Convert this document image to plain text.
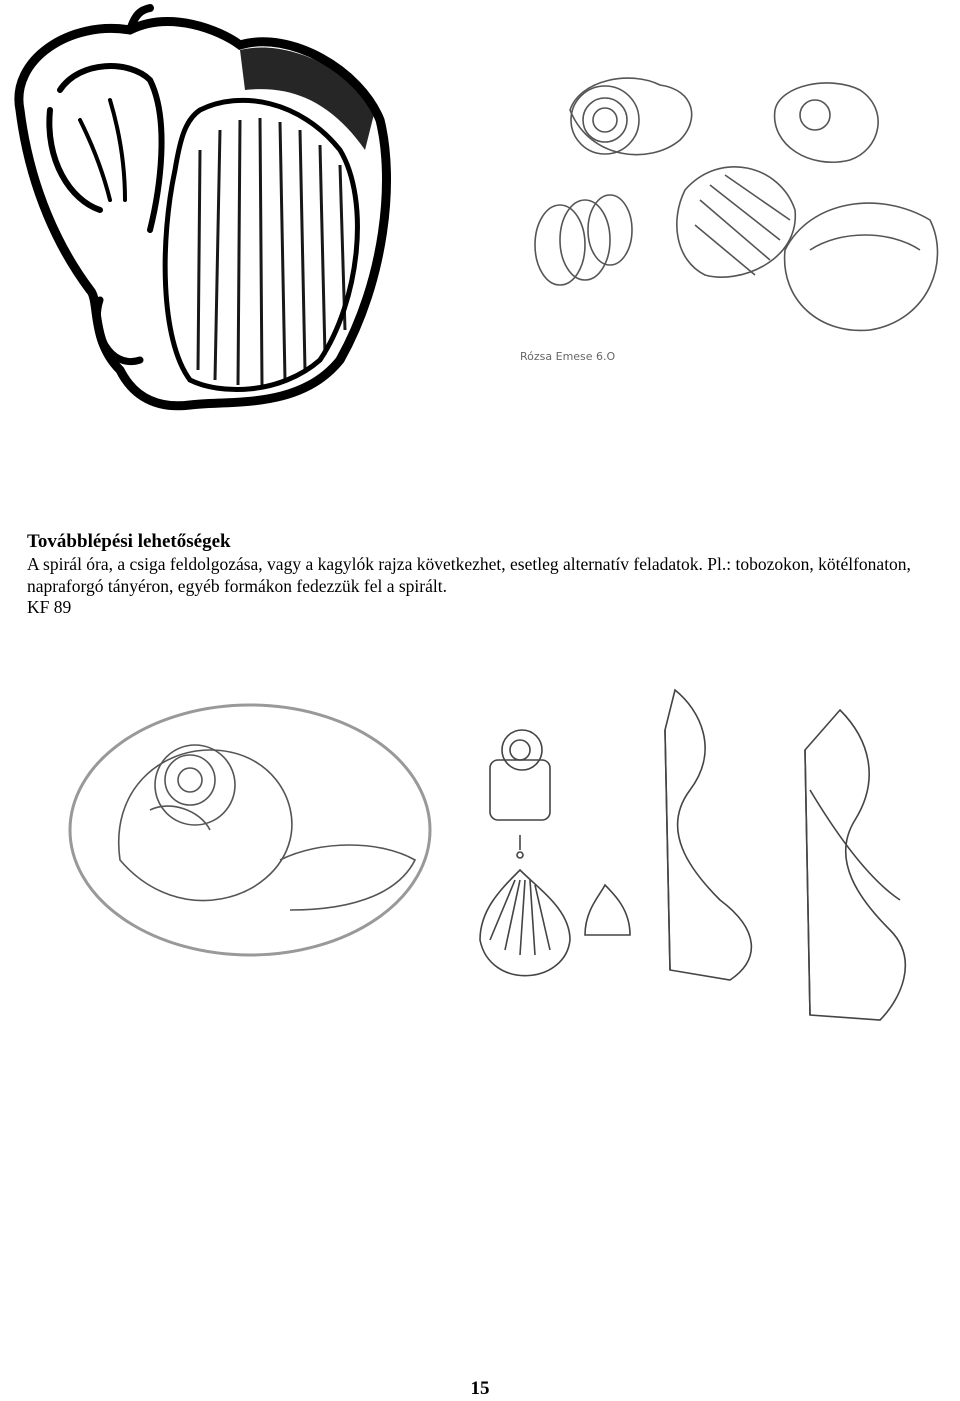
Rózsa Emese 6.O

Továbblépési lehetőségek

A spirál óra, a csiga feldolgozása, vagy a kagylók rajza következhet, esetleg alternatív feladatok. Pl.: tobozokon, kötélfonaton, napraforgó tányéron, egyéb formákon fedezzük fel a spirált.

KF 89

15
